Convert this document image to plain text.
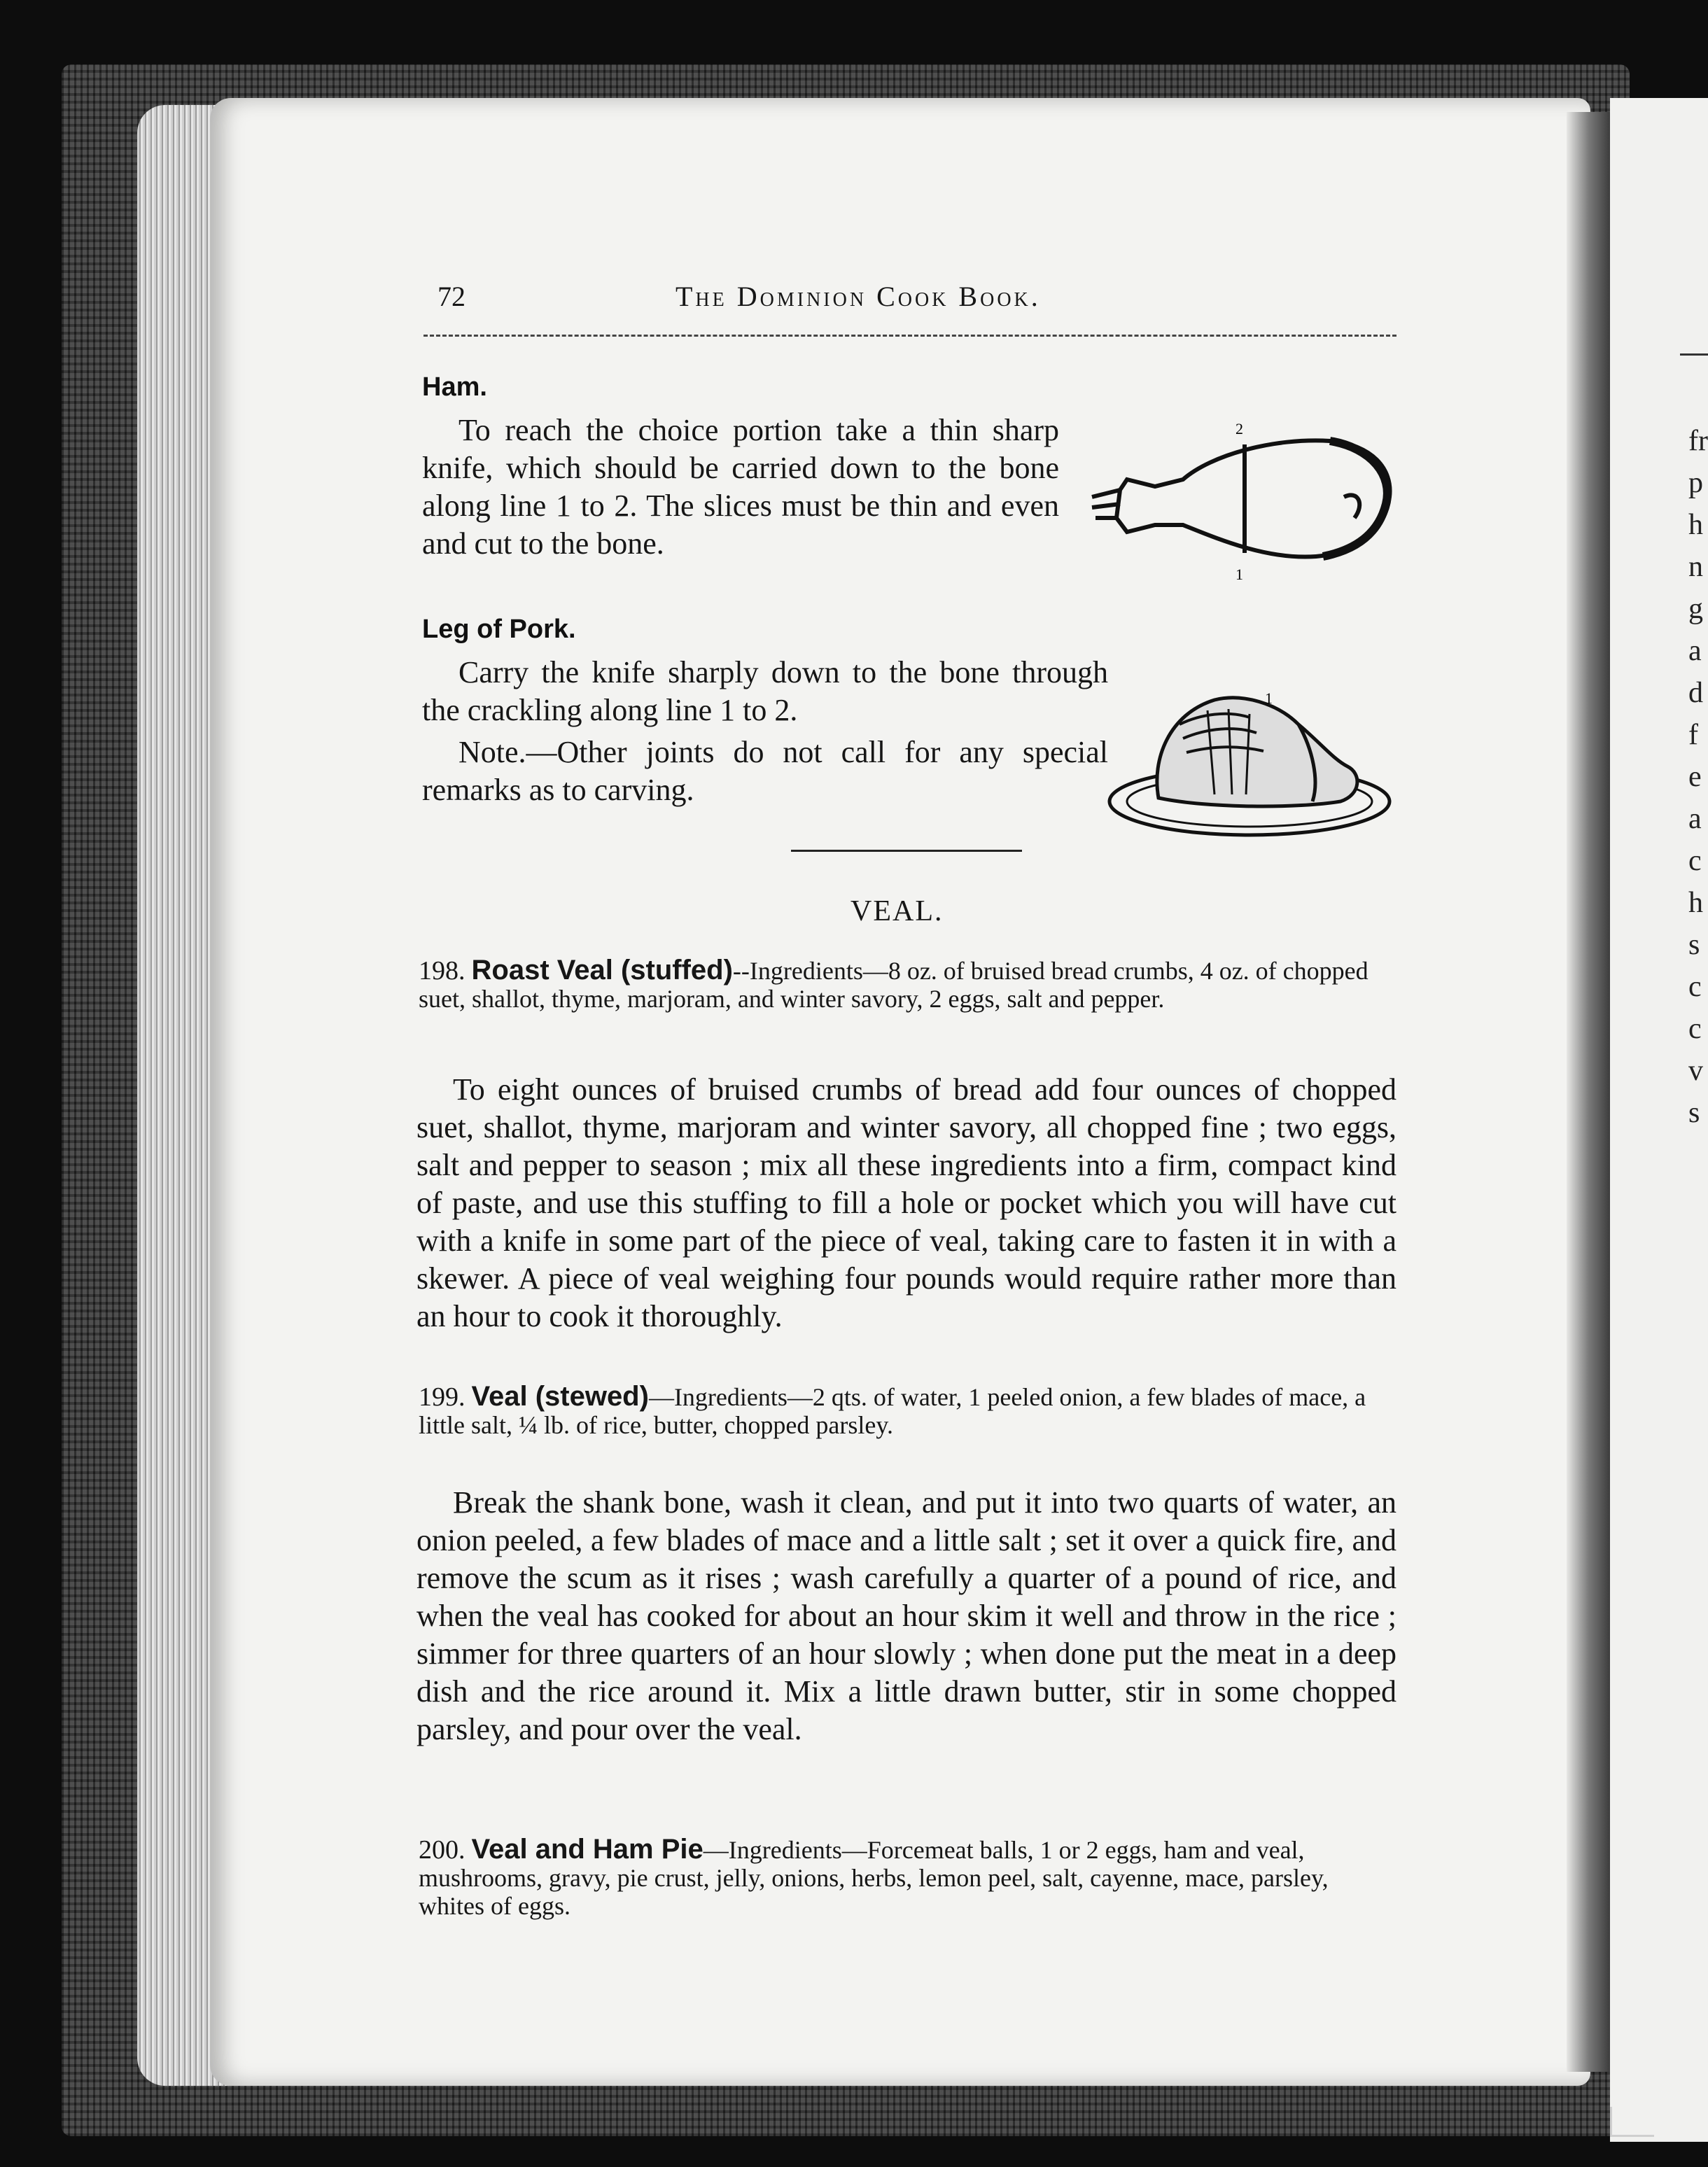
fr
p
h
n
g
a
d
f
e
a
c
h
s
c
c
v
s
72	The Dominion Cook Book.
Ham.

To reach the choice portion take a thin sharp knife, which should be carried down to the bone along line 1 to 2. The slices must be thin and even and cut to the bone.

2
1
Leg of Pork.

Carry the knife sharply down to the bone through the crackling along line 1 to 2.

Note.—Other joints do not call for any special remarks as to carving.

1
VEAL.
198. Roast Veal (stuffed)--Ingredients—8 oz. of bruised bread crumbs, 4 oz. of chopped suet, shallot, thyme, marjoram, and winter savory, 2 eggs, salt and pepper.

To eight ounces of bruised crumbs of bread add four ounces of chopped suet, shallot, thyme, marjoram and winter savory, all chopped fine ; two eggs, salt and pepper to season ; mix all these ingredients into a firm, compact kind of paste, and use this stuffing to fill a hole or pocket which you will have cut with a knife in some part of the piece of veal, taking care to fasten it in with a skewer. A piece of veal weighing four pounds would require rather more than an hour to cook it thoroughly.

199. Veal (stewed)—Ingredients—2 qts. of water, 1 peeled onion, a few blades of mace, a little salt, ¼ lb. of rice, butter, chopped parsley.

Break the shank bone, wash it clean, and put it into two quarts of water, an onion peeled, a few blades of mace and a little salt ; set it over a quick fire, and remove the scum as it rises ; wash carefully a quarter of a pound of rice, and when the veal has cooked for about an hour skim it well and throw in the rice ; simmer for three quarters of an hour slowly ; when done put the meat in a deep dish and the rice around it. Mix a little drawn butter, stir in some chopped parsley, and pour over the veal.

200. Veal and Ham Pie—Ingredients—Forcemeat balls, 1 or 2 eggs, ham and veal, mushrooms, gravy, pie crust, jelly, onions, herbs, lemon peel, salt, cayenne, mace, parsley, whites of eggs.
